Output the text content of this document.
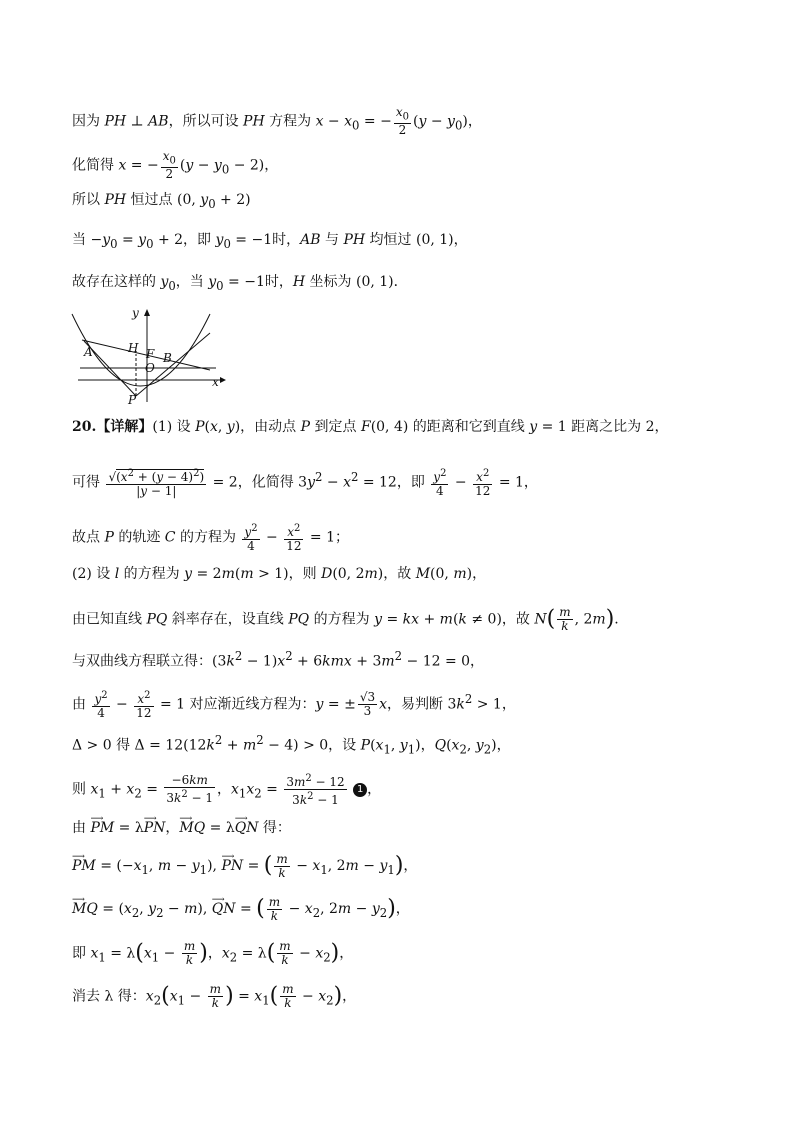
因为 PH ⊥ AB，所以可设 PH 方程为 $x - x_0$ = − $\frac{x_0}{2} (y - y_0)$，
化简得 x = − $\frac{x_0}{2} (y - y_0 - 2)$，
所以 PH 恒过点 (0, $y_0 + 2$)
当 $-y_0 = y_0 + 2$，即 $y_0 = -1$时，AB 与 PH 均恒过 (0, 1)，
故存在这样的 $y_0$，当 $y_0 = -1$时，H 坐标为 (0, 1)．
y
x
A	H F B
O
P
20.【详解】(1) 设 P(x, y)，由动点 P 到定点 F(0, 4) 的距离和它到直线 y = 1 距离之比为 2，
可得 $\frac{√(x^2 + (y - 4)^2)}{|y - 1|} = 2$，化简得 $3y^2 - x^2 = 12$，即 $\frac{y^2}{4} - \frac{x^2}{12} = 1$，
故点 P 的轨迹 C 的方程为 $\frac{y^2}{4} - \frac{x^2}{12} = 1$；
(2) 设 l 的方程为 y = 2m(m > 1)，则 D(0, 2m)，故 M(0, m)，
由已知直线 PQ 斜率存在，设直线 PQ 的方程为 y = kx + m(k ≠ 0)，故 $N( \frac{m}{k}$ , 2m).
与双曲线方程联立得：$(3k^2 - 1)x^2 + 6kmx + 3m^2 - 12 = 0$，
由 $\frac{y^2}{4} - \frac{x^2}{12} = 1$ 对应渐近线方程为：y = ± $\frac{√3}{3}$ x，易判断 $3k^2 > 1$，
Δ > 0 得 $\Delta = 12(12k^2 + m^2 - 4) > 0$，设 $P(x_1$, $y_1$)，$Q(x_2$, $y_2$)，
则 $x_1 + x_2 = \frac{-6km}{3k^2 - 1}$ ，$x_1x_2 = \frac{3m^2 - 12}{3k^2 - 1} 1$ ，
由 ⟶ PM = λ⟶ PN，⟶ MQ = λ⟶ QN 得：
⟶ PM = ($-x_1$, $m - y_1$), ⟶ PN = ( $\frac{m}{k} - x_1$, $2m - y_1$)，
⟶ MQ = ($x_2$, $y_2 - m$), ⟶ QN = ( $\frac{m}{k} - x_2$, $2m - y_2$)，
即 $x_1 = \lambda(x_1 - \frac{m}{k}$ )，$x_2 = \lambda( \frac{m}{k} - x_2)$，
消去 λ 得：$x_2(x_1 - \frac{m}{k}$ ) = $x_1( \frac{m}{k} - x_2)$，
